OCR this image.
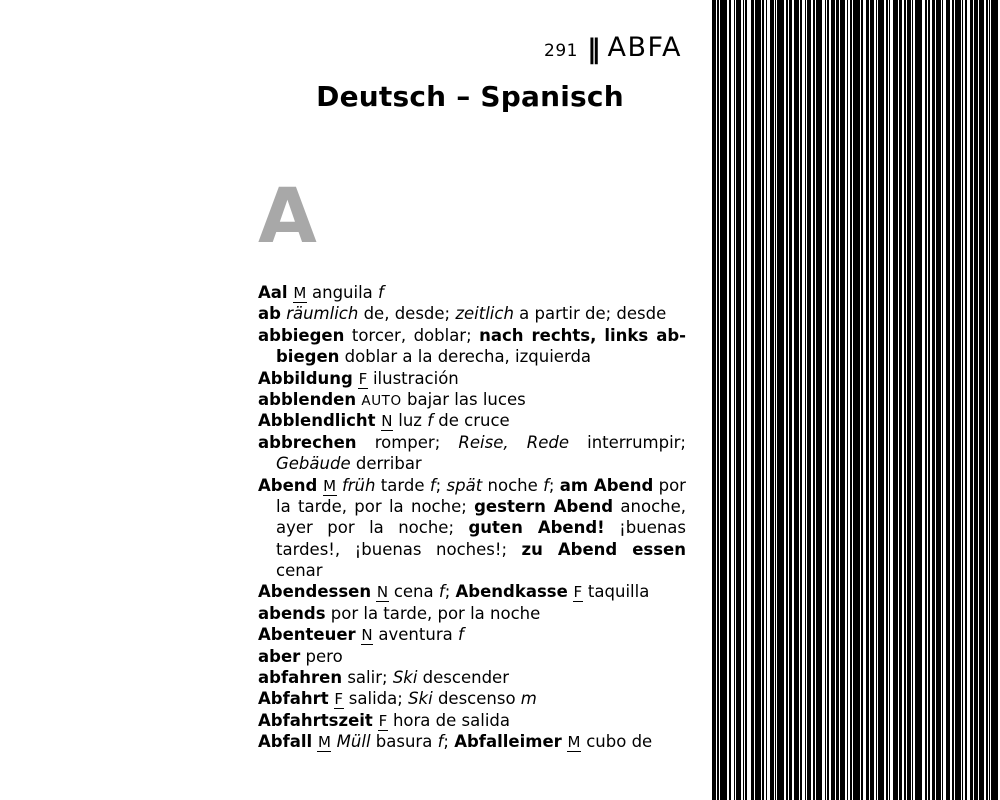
291 ‖ ABFA
Deutsch – Spanisch
A
Aal M anguila f
ab räumlich de, desde; zeitlich a partir de; desde
abbiegen torcer, doblar; nach rechts, links ab-biegen doblar a la derecha, izquierda
Abbildung F ilustración
abblenden AUTO bajar las luces
Abblendlicht N luz f de cruce
abbrechen romper; Reise, Rede interrumpir; Gebäude derribar
Abend M früh tarde f; spät noche f; am Abend por la tarde, por la noche; gestern Abend anoche, ayer por la noche; guten Abend! ¡buenas tardes!, ¡buenas noches!; zu Abend essen cenar
Abendessen N cena f; Abendkasse F taquilla
abends por la tarde, por la noche
Abenteuer N aventura f
aber pero
abfahren salir; Ski descender
Abfahrt F salida; Ski descenso m
Abfahrtszeit F hora de salida
Abfall M Müll basura f; Abfalleimer M cubo de
